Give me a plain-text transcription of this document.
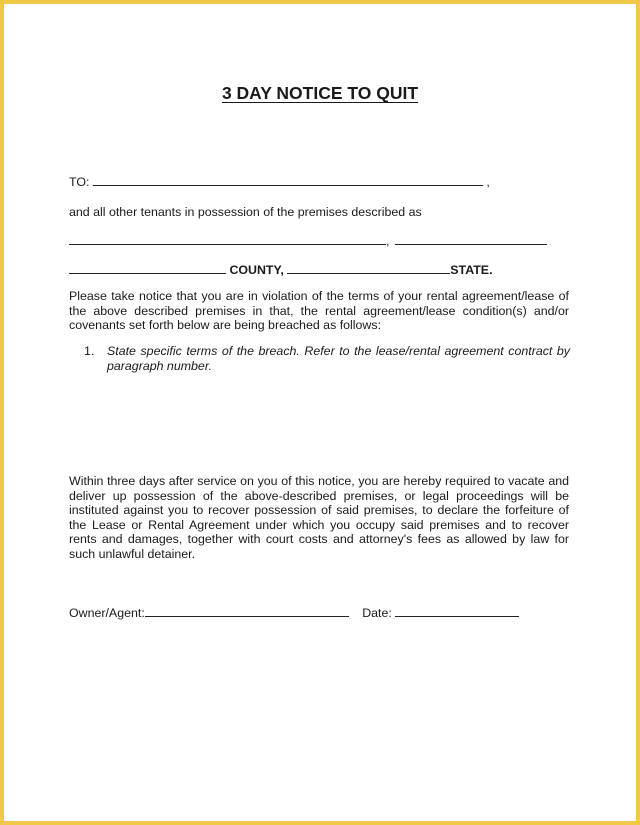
3 DAY NOTICE TO QUIT
TO:	,
and all other tenants in possession of the premises described as
,
COUNTY,	STATE.
Please take notice that you are in violation of the terms of your rental agreement/lease of the above described premises in that, the rental agreement/lease condition(s) and/or covenants set forth below are being breached as follows:
1. State specific terms of the breach. Refer to the lease/rental agreement contract by paragraph number.
Within three days after service on you of this notice, you are hereby required to vacate and deliver up possession of the above-described premises, or legal proceedings will be instituted against you to recover possession of said premises, to declare the forfeiture of the Lease or Rental Agreement under which you occupy said premises and to recover rents and damages, together with court costs and attorney's fees as allowed by law for such unlawful detainer.
Owner/Agent:	Date:
